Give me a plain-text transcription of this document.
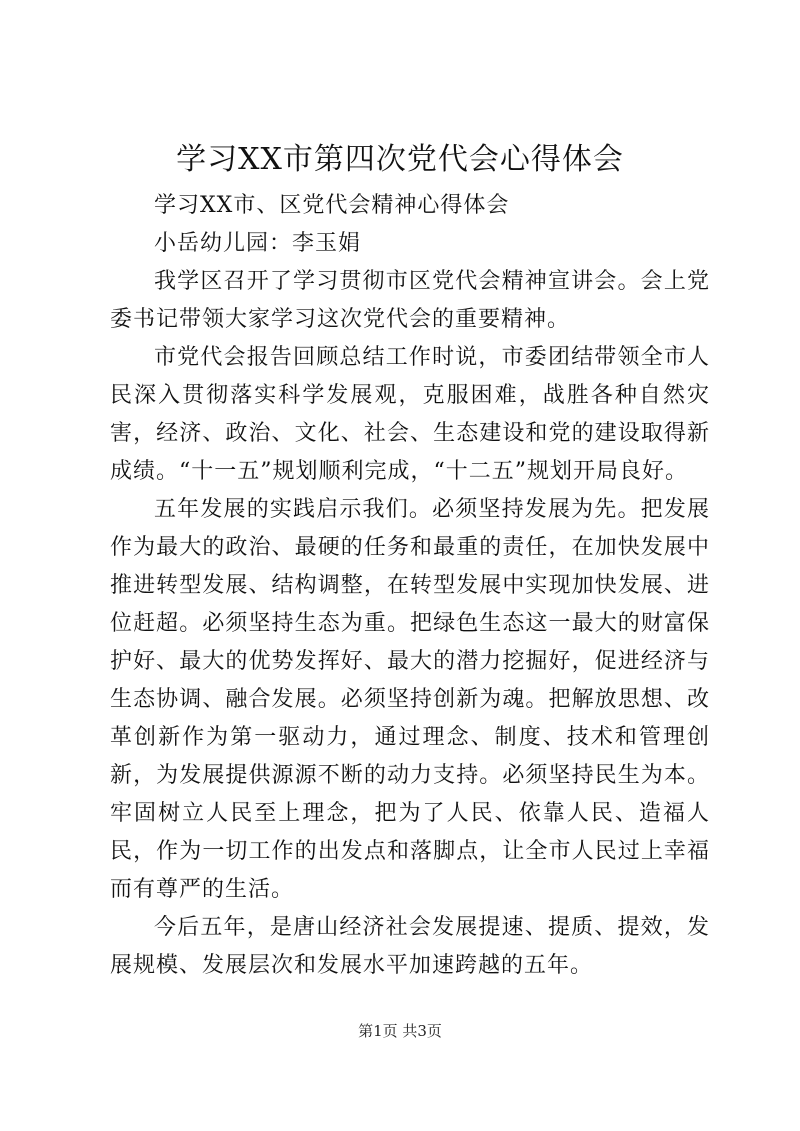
学习XX市第四次党代会心得体会

学习XX市、区党代会精神心得体会

小岳幼儿园：李玉娟

我学区召开了学习贯彻市区党代会精神宣讲会。会上党委书记带领大家学习这次党代会的重要精神。

市党代会报告回顾总结工作时说，市委团结带领全市人民深入贯彻落实科学发展观，克服困难，战胜各种自然灾害，经济、政治、文化、社会、生态建设和党的建设取得新成绩。“十一五”规划顺利完成，“十二五”规划开局良好。

五年发展的实践启示我们。必须坚持发展为先。把发展作为最大的政治、最硬的任务和最重的责任，在加快发展中推进转型发展、结构调整，在转型发展中实现加快发展、进位赶超。必须坚持生态为重。把绿色生态这一最大的财富保护好、最大的优势发挥好、最大的潜力挖掘好，促进经济与生态协调、融合发展。必须坚持创新为魂。把解放思想、改革创新作为第一驱动力，通过理念、制度、技术和管理创新，为发展提供源源不断的动力支持。必须坚持民生为本。牢固树立人民至上理念，把为了人民、依靠人民、造福人民，作为一切工作的出发点和落脚点，让全市人民过上幸福而有尊严的生活。

今后五年，是唐山经济社会发展提速、提质、提效，发展规模、发展层次和发展水平加速跨越的五年。

第1页 共3页
